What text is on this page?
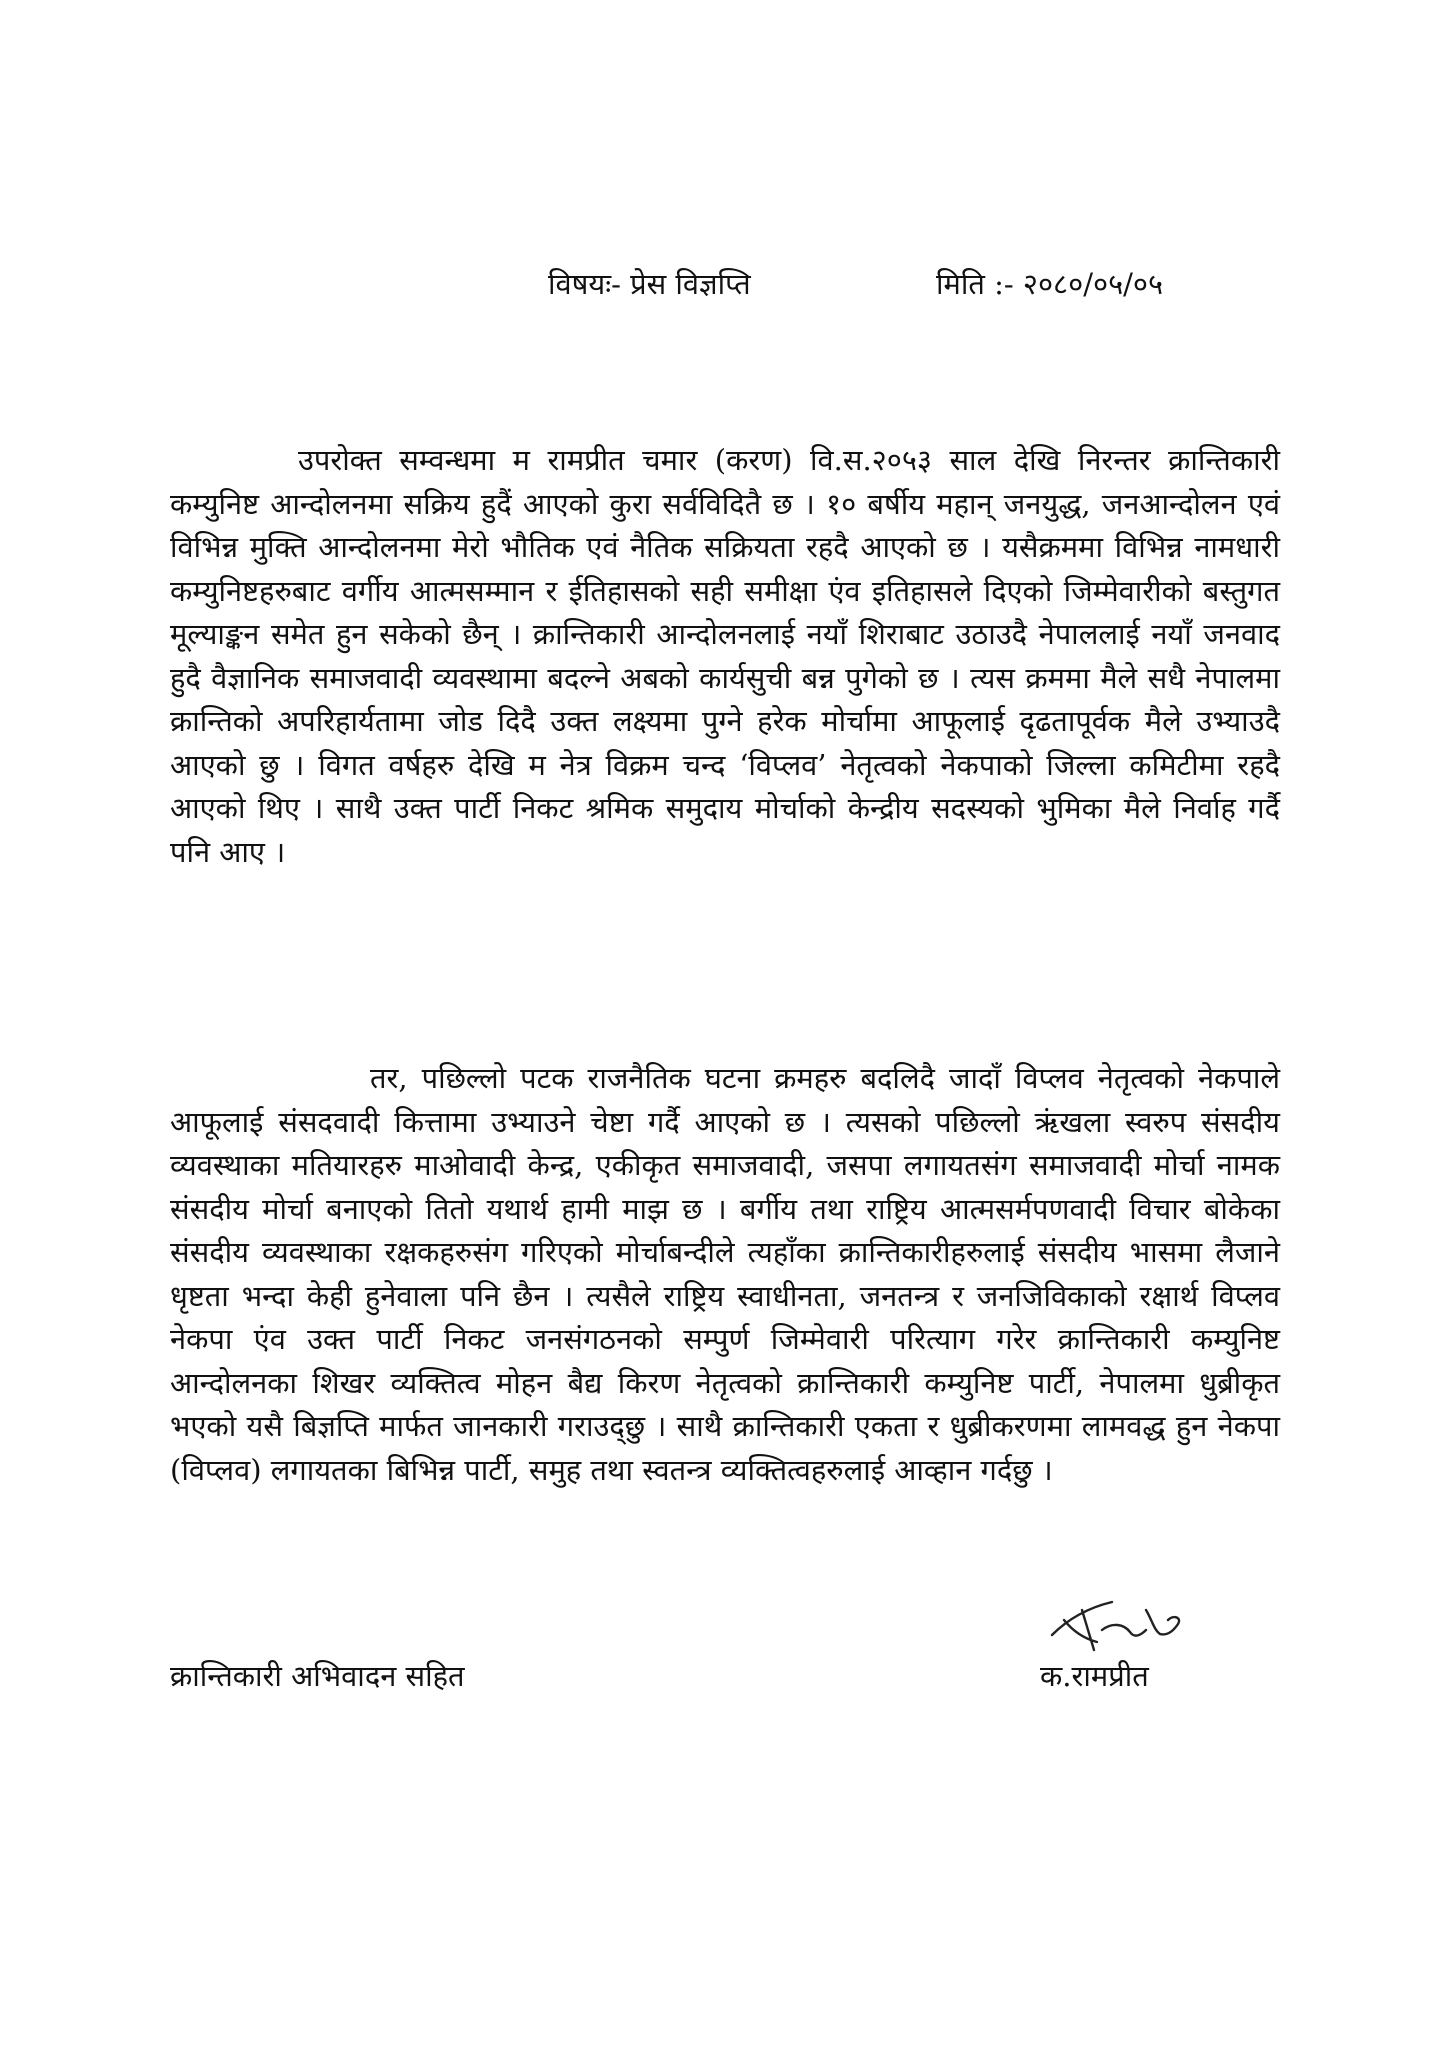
विषयः- प्रेस विज्ञप्ति	मिति :- २०८०/०५/०५

उपरोक्त सम्वन्धमा म रामप्रीत चमार (करण) वि.स.२०५३ साल देखि निरन्तर क्रान्तिकारी कम्युनिष्ट आन्दोलनमा सक्रिय हुदैं आएको कुरा सर्वविदितै छ । १० बर्षीय महान् जनयुद्ध, जनआन्दोलन एवं विभिन्न मुक्ति आन्दोलनमा मेरो भौतिक एवं नैतिक सक्रियता रहदै आएको छ । यसैक्रममा विभिन्न नामधारी कम्युनिष्टहरुबाट वर्गीय आत्मसम्मान र ईतिहासको सही समीक्षा एंव इतिहासले दिएको जिम्मेवारीको बस्तुगत मूल्याङ्कन समेत हुन सकेको छैन् । क्रान्तिकारी आन्दोलनलाई नयाँ शिराबाट उठाउदै नेपाललाई नयाँ जनवाद हुदै वैज्ञानिक समाजवादी व्यवस्थामा बदल्ने अबको कार्यसुची बन्न पुगेको छ । त्यस क्रममा मैले सधै नेपालमा क्रान्तिको अपरिहार्यतामा जोड दिदै उक्त लक्ष्यमा पुग्ने हरेक मोर्चामा आफूलाई दृढतापूर्वक मैले उभ्याउदै आएको छु । विगत वर्षहरु देखि म नेत्र विक्रम चन्द ‘विप्लव’ नेतृत्वको नेकपाको जिल्ला कमिटीमा रहदै आएको थिए । साथै उक्त पार्टी निकट श्रमिक समुदाय मोर्चाको केन्द्रीय सदस्यको भुमिका मैले निर्वाह गर्दै पनि आए ।

तर, पछिल्लो पटक राजनैतिक घटना क्रमहरु बदलिदै जादाँ विप्लव नेतृत्वको नेकपाले आफूलाई संसदवादी कित्तामा उभ्याउने चेष्टा गर्दै आएको छ । त्यसको पछिल्लो ऋंखला स्वरुप संसदीय व्यवस्थाका मतियारहरु माओवादी केन्द्र, एकीकृत समाजवादी, जसपा लगायतसंग समाजवादी मोर्चा नामक संसदीय मोर्चा बनाएको तितो यथार्थ हामी माझ छ । बर्गीय तथा राष्ट्रिय आत्मसर्मपणवादी विचार बोकेका संसदीय व्यवस्थाका रक्षकहरुसंग गरिएको मोर्चाबन्दीले त्यहाँका क्रान्तिकारीहरुलाई संसदीय भासमा लैजाने धृष्टता भन्दा केही हुनेवाला पनि छैन । त्यसैले राष्ट्रिय स्वाधीनता, जनतन्त्र र जनजिविकाको रक्षार्थ विप्लव नेकपा एंव उक्त पार्टी निकट जनसंगठनको सम्पुर्ण जिम्मेवारी परित्याग गरेर क्रान्तिकारी कम्युनिष्ट आन्दोलनका शिखर व्यक्तित्व मोहन बैद्य किरण नेतृत्वको क्रान्तिकारी कम्युनिष्ट पार्टी, नेपालमा धुब्रीकृत भएको यसै बिज्ञप्ति मार्फत जानकारी गराउद्छु । साथै क्रान्तिकारी एकता र धुब्रीकरणमा लामवद्ध हुन नेकपा (विप्लव) लगायतका बिभिन्न पार्टी, समुह तथा स्वतन्त्र व्यक्तित्वहरुलाई आव्हान गर्दछु ।

क्रान्तिकारी अभिवादन सहित	क.रामप्रीत
